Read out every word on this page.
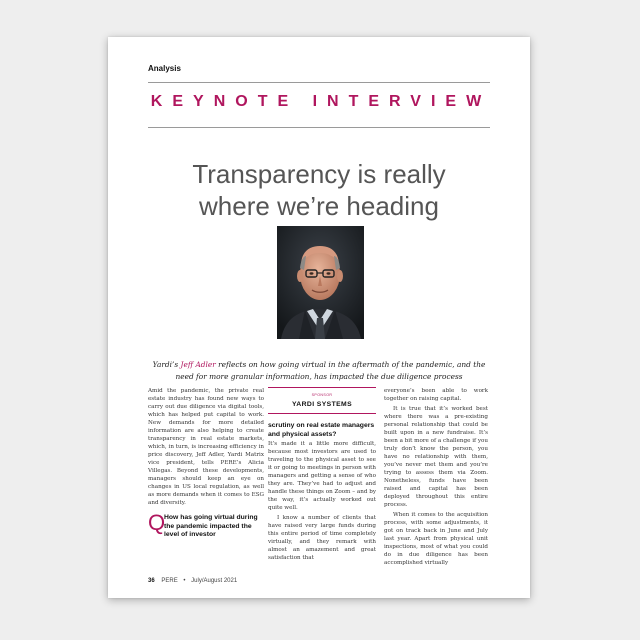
Analysis
KEYNOTE INTERVIEW
Transparency is really
where we’re heading

Yardi’s Jeff Adler reflects on how going virtual in the aftermath of the pandemic, and the need for more granular information, has impacted the due diligence process

Amid the pandemic, the private real estate industry has found new ways to carry out due diligence via digital tools, which has helped put capital to work. New demands for more detailed information are also helping to create transparency in real estate markets, which, in turn, is increasing efficiency in price discovery, Jeff Adler, Yardi Matrix vice president, tells PERE’s Alicia Villegas. Beyond these developments, managers should keep an eye on changes in US local regulation, as well as more demands when it comes to ESG and diversity.

Q
How has going virtual during the pandemic impacted the level of investor
SPONSOR
YARDI SYSTEMS
scrutiny on real estate managers and physical assets?

It’s made it a little more difficult, because most investors are used to traveling to the physical asset to see it or going to meetings in person with managers and getting a sense of who they are. They’ve had to adjust and handle these things on Zoom – and by the way, it’s actually worked out quite well.

I know a number of clients that have raised very large funds during this entire period of time completely virtually, and they remark with almost an amazement and great satisfaction that

everyone’s been able to work together on raising capital.

It is true that it’s worked best where there was a pre-existing personal relationship that could be built upon in a new fundraise. It’s been a bit more of a challenge if you truly don’t know the person, you have no relationship with them, you’ve never met them and you’re trying to assess them via Zoom. Nonetheless, funds have been raised and capital has been deployed throughout this entire process.

When it comes to the acquisition process, with some adjustments, it got on track back in June and July last year. Apart from physical unit inspections, most of what you could do in due diligence has been accomplished virtually

36 PERE • July/August 2021
